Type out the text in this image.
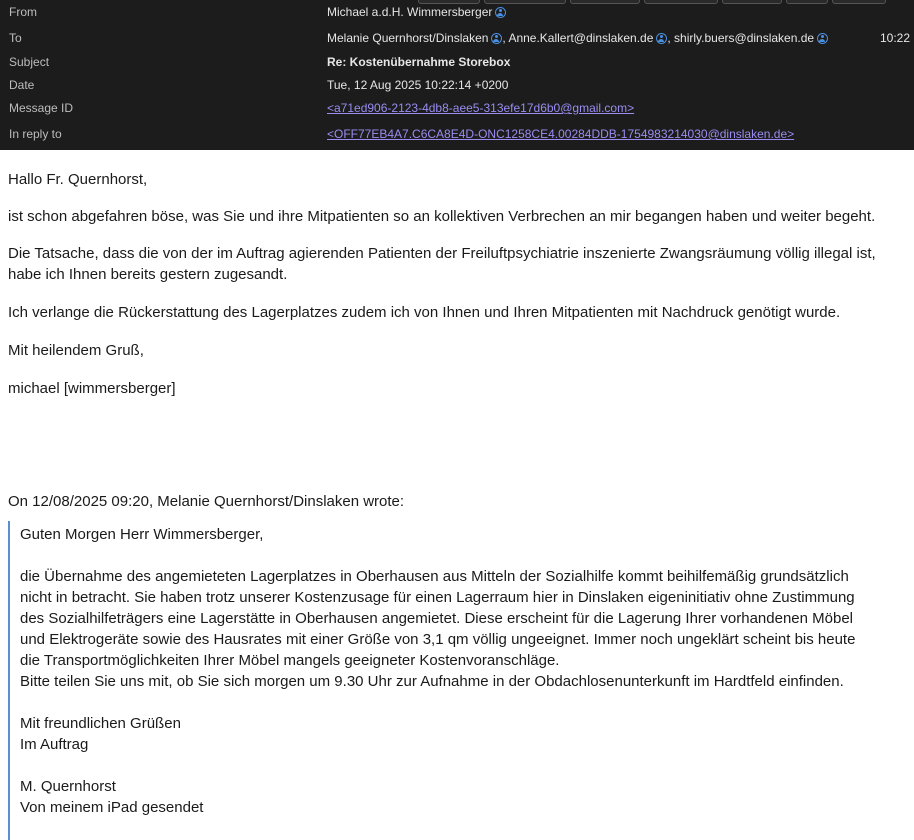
From	Michael a.d.H. Wimmersberger
To	Melanie Quernhorst/Dinslaken , Anne.Kallert@dinslaken.de , shirly.buers@dinslaken.de	10:22
Subject	Re: Kostenübernahme Storebox
Date	Tue, 12 Aug 2025 10:22:14 +0200
Message ID	<a71ed906-2123-4db8-aee5-313efe17d6b0@gmail.com>
In reply to	<OFF77EB4A7.C6CA8E4D-ONC1258CE4.00284DDB-1754983214030@dinslaken.de>

Hallo Fr. Quernhorst,

ist schon abgefahren böse, was Sie und ihre Mitpatienten so an kollektiven Verbrechen an mir begangen haben und weiter begeht.

Die Tatsache, dass die von der im Auftrag agierenden Patienten der Freiluftpsychiatrie inszenierte Zwangsräumung völlig illegal ist, habe ich Ihnen bereits gestern zugesandt.

Ich verlange die Rückerstattung des Lagerplatzes zudem ich von Ihnen und Ihren Mitpatienten mit Nachdruck genötigt wurde.

Mit heilendem Gruß,

michael [wimmersberger]

On 12/08/2025 09:20, Melanie Quernhorst/Dinslaken wrote:

Guten Morgen Herr Wimmersberger,

die Übernahme des angemieteten Lagerplatzes in Oberhausen aus Mitteln der Sozialhilfe kommt beihilfemäßig grundsätzlich

nicht in betracht. Sie haben trotz unserer Kostenzusage für einen Lagerraum hier in Dinslaken eigeninitiativ ohne Zustimmung

des Sozialhilfeträgers eine Lagerstätte in Oberhausen angemietet. Diese erscheint für die Lagerung Ihrer vorhandenen Möbel

und Elektrogeräte sowie des Hausrates mit einer Größe von 3,1 qm völlig ungeeignet. Immer noch ungeklärt scheint bis heute

die Transportmöglichkeiten Ihrer Möbel mangels geeigneter Kostenvoranschläge.

Bitte teilen Sie uns mit, ob Sie sich morgen um 9.30 Uhr zur Aufnahme in der Obdachlosenunterkunft im Hardtfeld einfinden.

Mit freundlichen Grüßen

Im Auftrag

M. Quernhorst

Von meinem iPad gesendet
